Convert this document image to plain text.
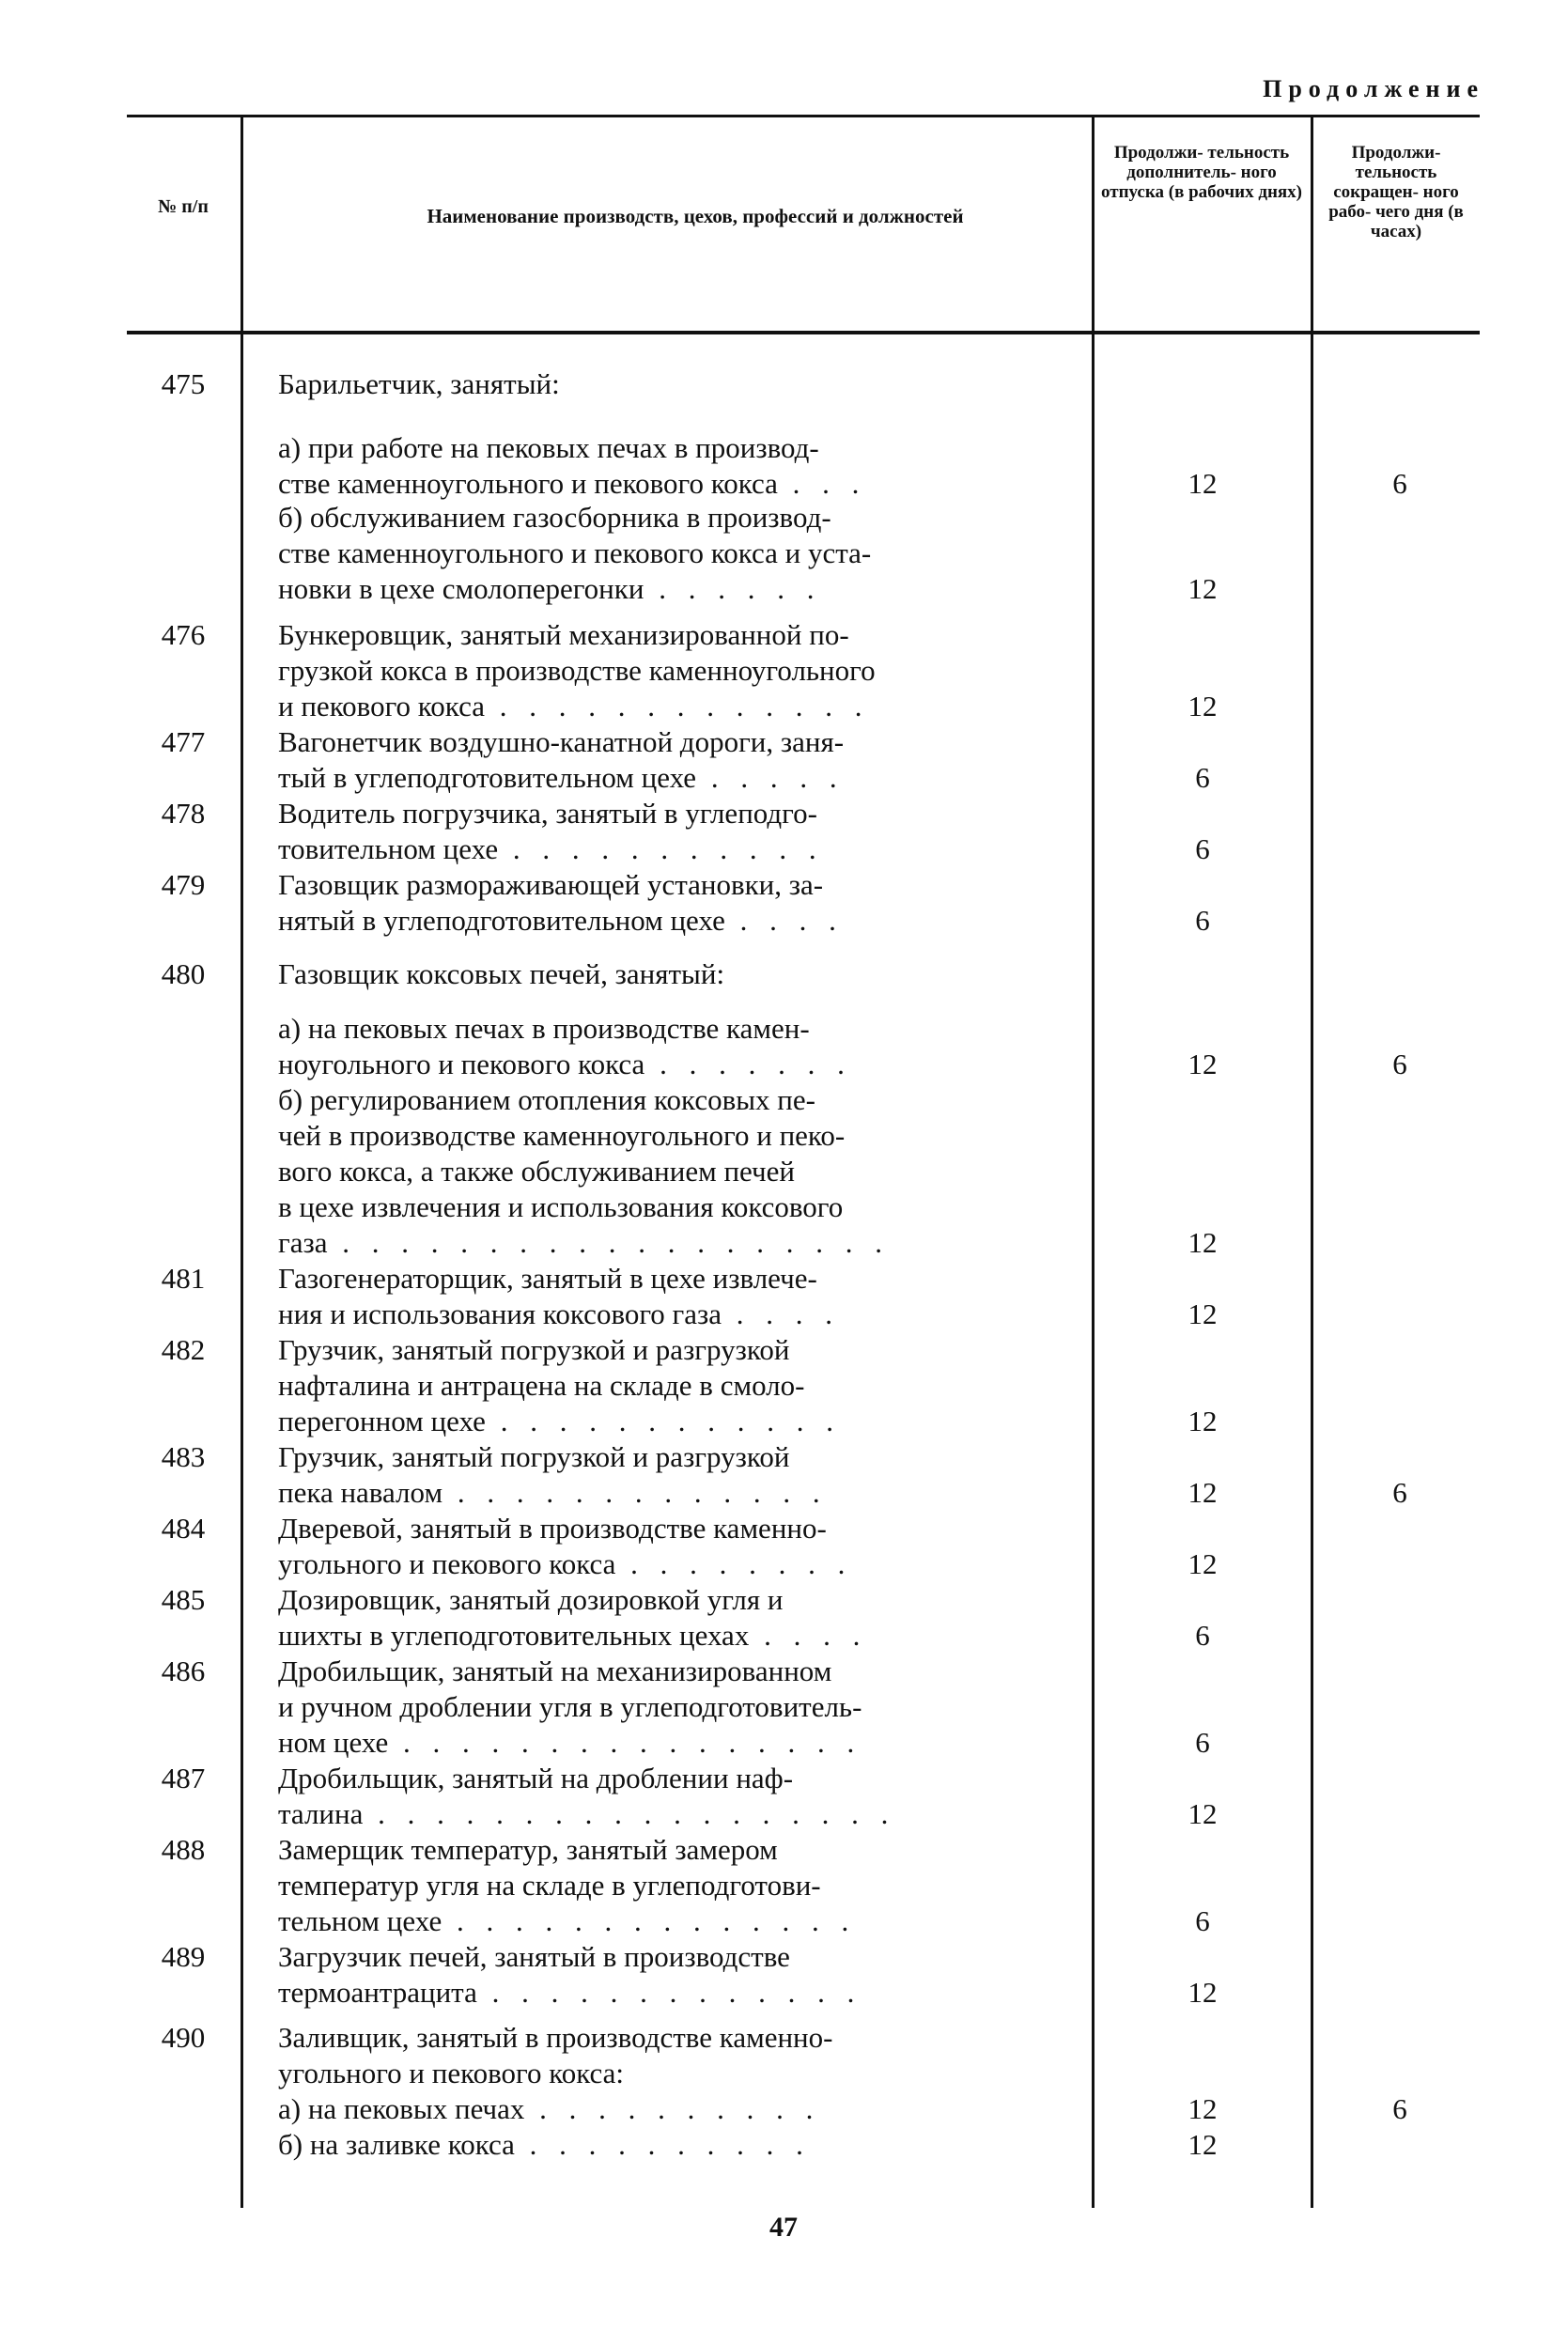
Продолжение
№ п/п	Наименование производств, цехов, профессий и должностей
Продолжи- тельность дополнитель- ного отпуска (в рабочих днях)
Продолжи- тельность сокращен- ного рабо- чего дня (в часах)
475	Барильетчик, занятый:
а) при работе на пековых печах в производ-
стве каменноугольного и пекового кокса . . .	12	6
б) обслуживанием газосборника в производ-
стве каменноугольного и пекового кокса и уста-
новки в цехе смолоперегонки . . . . . .	12
476	Бункеровщик, занятый механизированной по-
грузкой кокса в производстве каменноугольного
и пекового кокса . . . . . . . . . . . . .	12
477	Вагонетчик воздушно-канатной дороги, заня-
тый в углеподготовительном цехе . . . . .	6
478	Водитель погрузчика, занятый в углеподго-
товительном цехе . . . . . . . . . . .	6
479	Газовщик размораживающей установки, за-
нятый в углеподготовительном цехе . . . .	6
480	Газовщик коксовых печей, занятый:
а) на пековых печах в производстве камен-
ноугольного и пекового кокса . . . . . . .	12	6
б) регулированием отопления коксовых пе-
чей в производстве каменноугольного и пеко-
вого кокса, а также обслуживанием печей
в цехе извлечения и использования коксового
газа . . . . . . . . . . . . . . . . . . .	12
481	Газогенераторщик, занятый в цехе извлече-
ния и использования коксового газа . . . .	12
482	Грузчик, занятый погрузкой и разгрузкой
нафталина и антрацена на складе в смоло-
перегонном цехе . . . . . . . . . . . .	12
483	Грузчик, занятый погрузкой и разгрузкой
пека навалом . . . . . . . . . . . . .	12	6
484	Дверевой, занятый в производстве каменно-
угольного и пекового кокса . . . . . . . .	12
485	Дозировщик, занятый дозировкой угля и
шихты в углеподготовительных цехах . . . .	6
486	Дробильщик, занятый на механизированном
и ручном дроблении угля в углеподготовитель-
ном цехе . . . . . . . . . . . . . . . .	6
487	Дробильщик, занятый на дроблении наф-
талина . . . . . . . . . . . . . . . . . .	12
488	Замерщик температур, занятый замером
температур угля на складе в углеподготови-
тельном цехе . . . . . . . . . . . . . .	6
489	Загрузчик печей, занятый в производстве
термоантрацита . . . . . . . . . . . . .	12
490	Заливщик, занятый в производстве каменно-
угольного и пекового кокса:
а) на пековых печах . . . . . . . . . .	12	6
б) на заливке кокса . . . . . . . . . .	12
47
